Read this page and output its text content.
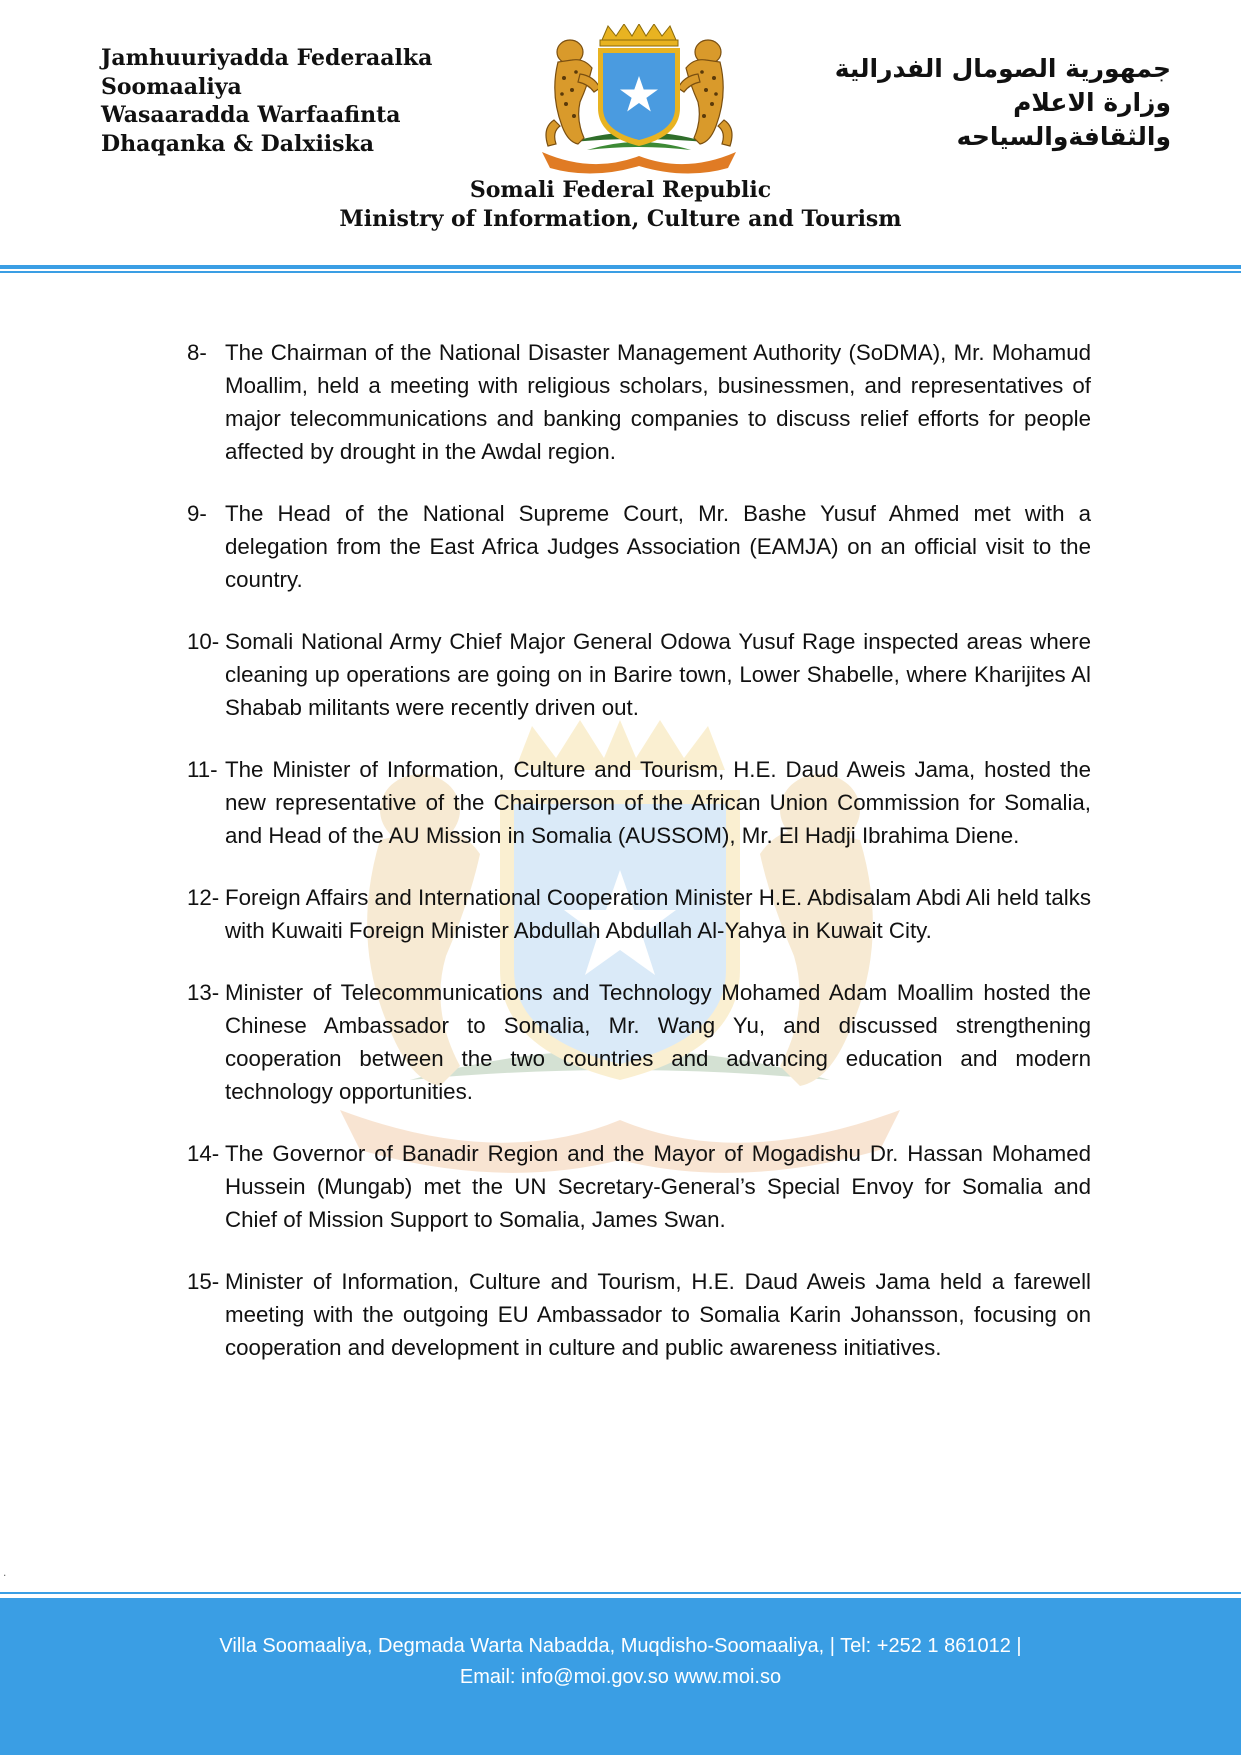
Jamhuuriyadda Federaalka
Soomaaliya
Wasaaradda Warfaafinta
Dhaqanka & Dalxiiska
جمهورية الصومال الفدرالية
وزارة الاعلام
والثقافةوالسياحه
Somali Federal Republic
Ministry of Information, Culture and Tourism
8- The Chairman of the National Disaster Management Authority (SoDMA), Mr. Mohamud Moallim, held a meeting with religious scholars, businessmen, and representatives of major telecommunications and banking companies to discuss relief efforts for people affected by drought in the Awdal region.
9- The Head of the National Supreme Court, Mr. Bashe Yusuf Ahmed met with a delegation from the East Africa Judges Association (EAMJA) on an official visit to the country.
10- Somali National Army Chief Major General Odowa Yusuf Rage inspected areas where cleaning up operations are going on in Barire town, Lower Shabelle, where Kharijites Al Shabab militants were recently driven out.
11- The Minister of Information, Culture and Tourism, H.E. Daud Aweis Jama, hosted the new representative of the Chairperson of the African Union Commission for Somalia, and Head of the AU Mission in Somalia (AUSSOM), Mr. El Hadji Ibrahima Diene.
12- Foreign Affairs and International Cooperation Minister H.E. Abdisalam Abdi Ali held talks with Kuwaiti Foreign Minister Abdullah Abdullah Al-Yahya in Kuwait City.
13- Minister of Telecommunications and Technology Mohamed Adam Moallim hosted the Chinese Ambassador to Somalia, Mr. Wang Yu, and discussed strengthening cooperation between the two countries and advancing education and modern technology opportunities.
14- The Governor of Banadir Region and the Mayor of Mogadishu Dr. Hassan Mohamed Hussein (Mungab) met the UN Secretary-General’s Special Envoy for Somalia and Chief of Mission Support to Somalia, James Swan.
15- Minister of Information, Culture and Tourism, H.E. Daud Aweis Jama held a farewell meeting with the outgoing EU Ambassador to Somalia Karin Johansson, focusing on cooperation and development in culture and public awareness initiatives.
.
Villa Soomaaliya, Degmada Warta Nabadda, Muqdisho-Soomaaliya, | Tel: +252 1 861012 |
Email: info@moi.gov.so www.moi.so
